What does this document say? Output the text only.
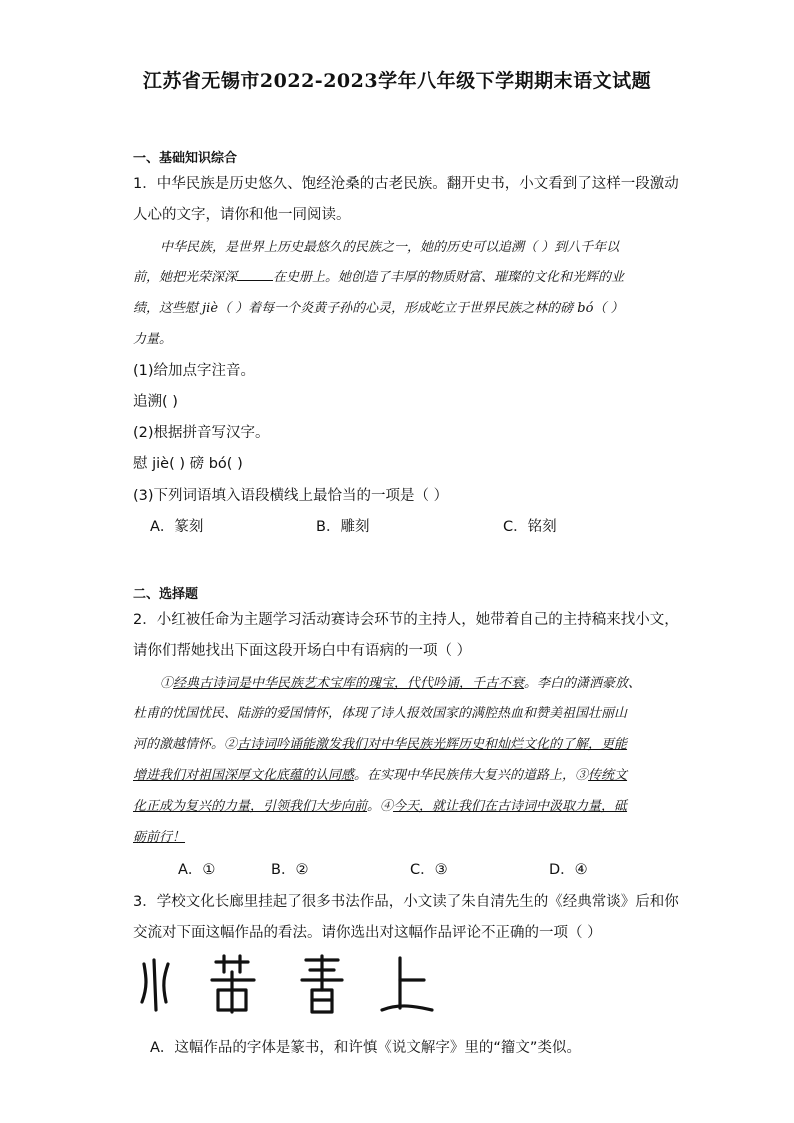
江苏省无锡市2022-2023学年八年级下学期期末语文试题
一、基础知识综合
1．中华民族是历史悠久、饱经沧桑的古老民族。翻开史书，小文看到了这样一段激动
人心的文字，请你和他一同阅读。
中华民族，是世界上历史最悠久的民族之一，她的历史可以追溯（ ）到八千年以
前，她把光荣深深	在史册上。她创造了丰厚的物质财富、璀璨的文化和光辉的业
绩，这些慰 jiè（ ）着每一个炎黄子孙的心灵，形成屹立于世界民族之林的磅 bó（ ）
力量。
(1)给加点字注音。
追溯( )
(2)根据拼音写汉字。
慰 jiè( ) 磅 bó( )
(3)下列词语填入语段横线上最恰当的一项是（ ）
A．篆刻	B．雕刻	C．铭刻
二、选择题
2．小红被任命为主题学习活动赛诗会环节的主持人，她带着自己的主持稿来找小文，
请你们帮她找出下面这段开场白中有语病的一项（ ）
①经典古诗词是中华民族艺术宝库的瑰宝，代代吟诵，千古不衰。李白的潇洒豪放、
杜甫的忧国忧民、陆游的爱国情怀，体现了诗人报效国家的满腔热血和赞美祖国壮丽山
河的激越情怀。②古诗词吟诵能激发我们对中华民族光辉历史和灿烂文化的了解，更能
增进我们对祖国深厚文化底蕴的认同感。在实现中华民族伟大复兴的道路上，③传统文
化正成为复兴的力量，引领我们大步向前。④今天，就让我们在古诗词中汲取力量，砥
砺前行！
A．①	B．②	C．③	D．④
3．学校文化长廊里挂起了很多书法作品，小文读了朱自清先生的《经典常谈》后和你
交流对下面这幅作品的看法。请你选出对这幅作品评论不正确的一项（ ）
A．这幅作品的字体是篆书，和许慎《说文解字》里的“籀文”类似。
